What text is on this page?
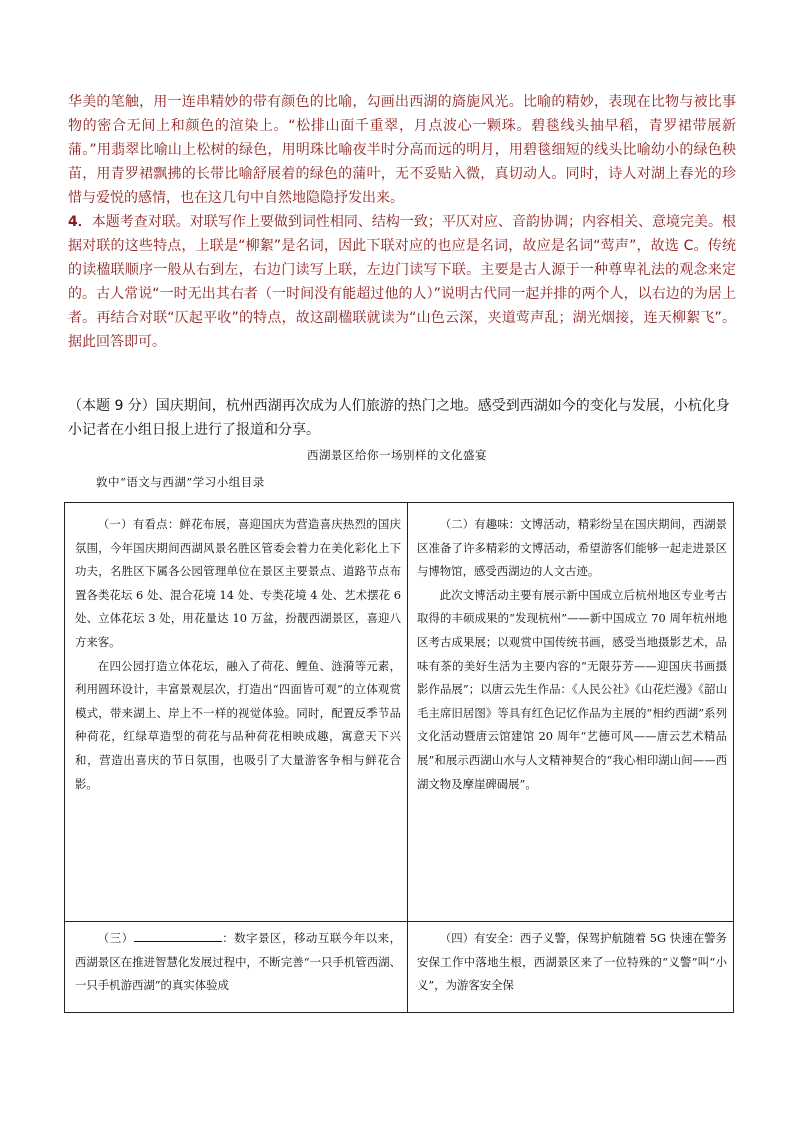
华美的笔触，用一连串精妙的带有颜色的比喻，勾画出西湖的旖旎风光。比喻的精妙，表现在比物与被比事物的密合无间上和颜色的渲染上。“松排山面千重翠，月点波心一颗珠。碧毯线头抽早稻，青罗裙带展新蒲。”用翡翠比喻山上松树的绿色，用明珠比喻夜半时分高而远的明月，用碧毯细短的线头比喻幼小的绿色秧苗，用青罗裙飘拂的长带比喻舒展着的绿色的蒲叶，无不妥贴入微，真切动人。同时，诗人对湖上春光的珍惜与爱悦的感情，也在这几句中自然地隐隐抒发出来。

4．本题考查对联。对联写作上要做到词性相同、结构一致；平仄对应、音韵协调；内容相关、意境完美。根据对联的这些特点，上联是“柳絮”是名词，因此下联对应的也应是名词，故应是名词“莺声”，故选 C。传统的读楹联顺序一般从右到左，右边门读写上联，左边门读写下联。主要是古人源于一种尊卑礼法的观念来定的。古人常说“一时无出其右者（一时间没有能超过他的人）”说明古代同一起并排的两个人，以右边的为居上者。再结合对联“仄起平收”的特点，故这副楹联就读为“山色云深，夹道莺声乱；湖光烟接，连天柳絮飞”。据此回答即可。

（本题 9 分）国庆期间，杭州西湖再次成为人们旅游的热门之地。感受到西湖如今的变化与发展，小杭化身小记者在小组日报上进行了报道和分享。

西湖景区给你一场别样的文化盛宴
敦中“语文与西湖”学习小组目录

（一）有看点：鲜花布展，喜迎国庆为营造喜庆热烈的国庆氛围，今年国庆期间西湖风景名胜区管委会着力在美化彩化上下功夫，名胜区下属各公园管理单位在景区主要景点、道路节点布置各类花坛 6 处、混合花境 14 处、专类花境 4 处、艺术摆花 6 处、立体花坛 3 处，用花量达 10 万盆，扮靓西湖景区，喜迎八方来客。

在四公园打造立体花坛，融入了荷花、鲤鱼、涟漪等元素，利用圆环设计，丰富景观层次，打造出“四面皆可观”的立体观赏模式，带来湖上、岸上不一样的视觉体验。同时，配置反季节品种荷花，红绿草造型的荷花与品种荷花相映成趣，寓意天下兴和，营造出喜庆的节日氛围，也吸引了大量游客争相与鲜花合影。

（二）有趣味：文博活动，精彩纷呈在国庆期间，西湖景区准备了许多精彩的文博活动，希望游客们能够一起走进景区与博物馆，感受西湖边的人文古迹。

此次文博活动主要有展示新中国成立后杭州地区专业考古取得的丰硕成果的“发现杭州”——新中国成立 70 周年杭州地区考古成果展；以观赏中国传统书画，感受当地摄影艺术，品味有茶的美好生活为主要内容的“无限芬芳——迎国庆书画摄影作品展”；以唐云先生作品：《人民公社》《山花烂漫》《韶山毛主席旧居图》等具有红色记忆作品为主展的“相约西湖”系列文化活动暨唐云馆建馆 20 周年“艺德可风——唐云艺术精品展”和展示西湖山水与人文精神契合的“我心相印湖山间——西湖文物及摩崖碑碣展”。

（三）	：数字景区，移动互联今年以来，西湖景区在推进智慧化发展过程中，不断完善“一只手机管西湖、一只手机游西湖”的真实体验成

（四）有安全：西子义警，保驾护航随着 5G 快速在警务安保工作中落地生根，西湖景区来了一位特殊的“义警”叫“小义”，为游客安全保
